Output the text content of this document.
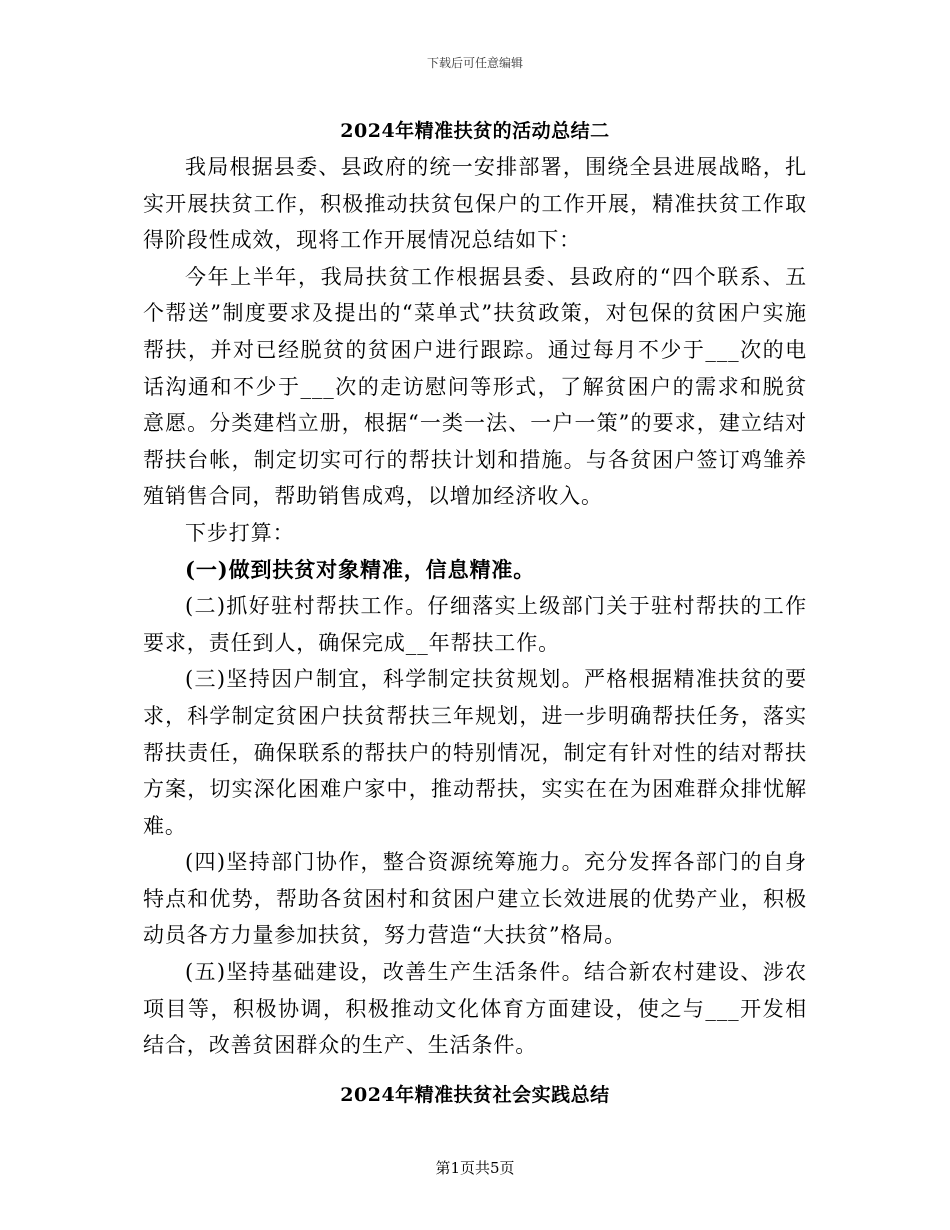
下载后可任意编辑
2024年精准扶贫的活动总结二

我局根据县委、县政府的统一安排部署，围绕全县进展战略，扎实开展扶贫工作，积极推动扶贫包保户的工作开展，精准扶贫工作取得阶段性成效，现将工作开展情况总结如下：

今年上半年，我局扶贫工作根据县委、县政府的“四个联系、五个帮送”制度要求及提出的“菜单式”扶贫政策，对包保的贫困户实施帮扶，并对已经脱贫的贫困户进行跟踪。通过每月不少于___次的电话沟通和不少于___次的走访慰问等形式，了解贫困户的需求和脱贫意愿。分类建档立册，根据“一类一法、一户一策”的要求，建立结对帮扶台帐，制定切实可行的帮扶计划和措施。与各贫困户签订鸡雏养殖销售合同，帮助销售成鸡，以增加经济收入。

下步打算：

(一)做到扶贫对象精准，信息精准。

(二)抓好驻村帮扶工作。仔细落实上级部门关于驻村帮扶的工作要求，责任到人，确保完成__年帮扶工作。

(三)坚持因户制宜，科学制定扶贫规划。严格根据精准扶贫的要求，科学制定贫困户扶贫帮扶三年规划，进一步明确帮扶任务，落实帮扶责任，确保联系的帮扶户的特别情况，制定有针对性的结对帮扶方案，切实深化困难户家中，推动帮扶，实实在在为困难群众排忧解难。

(四)坚持部门协作，整合资源统筹施力。充分发挥各部门的自身特点和优势，帮助各贫困村和贫困户建立长效进展的优势产业，积极动员各方力量参加扶贫，努力营造“大扶贫”格局。

(五)坚持基础建设，改善生产生活条件。结合新农村建设、涉农项目等，积极协调，积极推动文化体育方面建设，使之与___开发相结合，改善贫困群众的生产、生活条件。

2024年精准扶贫社会实践总结
第1页共5页
